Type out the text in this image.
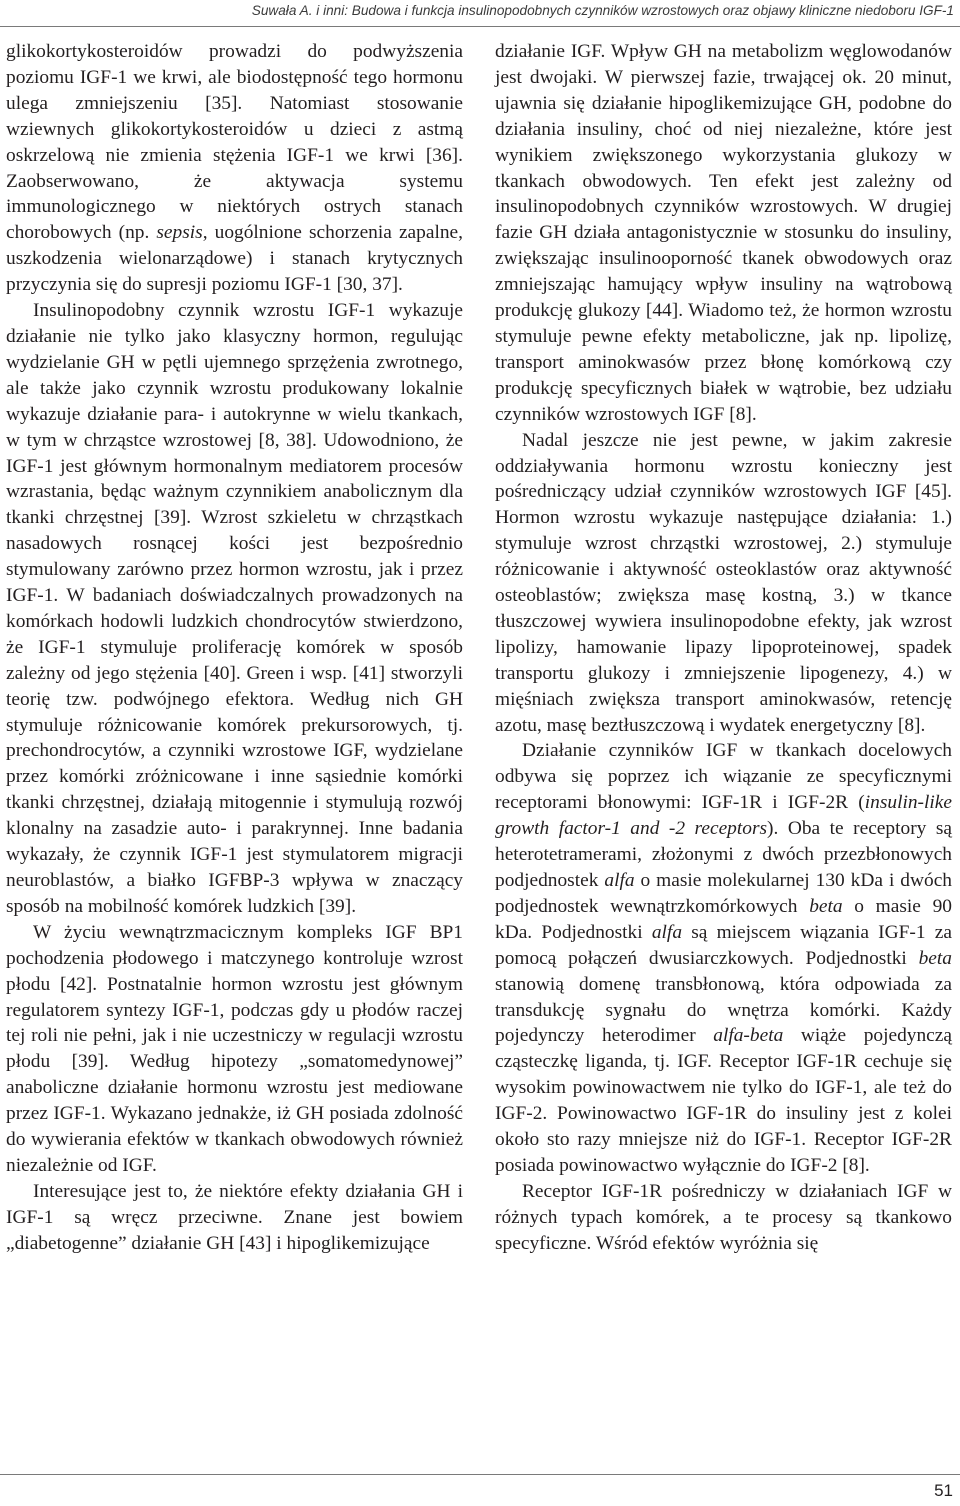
Suwała A. i inni: Budowa i funkcja insulinopodobnych czynników wzrostowych oraz objawy kliniczne niedoboru IGF-1

glikokortykosteroidów prowadzi do podwyższenia poziomu IGF-1 we krwi, ale biodostępność tego hormonu ulega zmniejszeniu [35]. Natomiast stosowanie wziewnych glikokortykosteroidów u dzieci z astmą oskrzelową nie zmienia stężenia IGF-1 we krwi [36]. Zaobserwowano, że aktywacja systemu immunologicznego w niektórych ostrych stanach chorobowych (np. sepsis, uogólnione schorzenia zapalne, uszkodzenia wielonarządowe) i stanach krytycznych przyczynia się do supresji poziomu IGF-1 [30, 37].

Insulinopodobny czynnik wzrostu IGF-1 wykazuje działanie nie tylko jako klasyczny hormon, regulując wydzielanie GH w pętli ujemnego sprzężenia zwrotnego, ale także jako czynnik wzrostu produkowany lokalnie wykazuje działanie para- i autokrynne w wielu tkankach, w tym w chrząstce wzrostowej [8, 38]. Udowodniono, że IGF-1 jest głównym hormonalnym mediatorem procesów wzrastania, będąc ważnym czynnikiem anabolicznym dla tkanki chrzęstnej [39]. Wzrost szkieletu w chrząstkach nasadowych rosnącej kości jest bezpośrednio stymulowany zarówno przez hormon wzrostu, jak i przez IGF-1. W badaniach doświadczalnych prowadzonych na komórkach hodowli ludzkich chondrocytów stwierdzono, że IGF-1 stymuluje proliferację komórek w sposób zależny od jego stężenia [40]. Green i wsp. [41] stworzyli teorię tzw. podwójnego efektora. Według nich GH stymuluje różnicowanie komórek prekursorowych, tj. prechondrocytów, a czynniki wzrostowe IGF, wydzielane przez komórki zróżnicowane i inne sąsiednie komórki tkanki chrzęstnej, działają mitogennie i stymulują rozwój klonalny na zasadzie auto- i parakrynnej. Inne badania wykazały, że czynnik IGF-1 jest stymulatorem migracji neuroblastów, a białko IGFBP-3 wpływa w znaczący sposób na mobilność komórek ludzkich [39].

W życiu wewnątrzmacicznym kompleks IGF BP1 pochodzenia płodowego i matczynego kontroluje wzrost płodu [42]. Postnatalnie hormon wzrostu jest głównym regulatorem syntezy IGF-1, podczas gdy u płodów raczej tej roli nie pełni, jak i nie uczestniczy w regulacji wzrostu płodu [39]. Według hipotezy „somatomedynowej” anaboliczne działanie hormonu wzrostu jest mediowane przez IGF-1. Wykazano jednakże, iż GH posiada zdolność do wywierania efektów w tkankach obwodowych również niezależnie od IGF.

Interesujące jest to, że niektóre efekty działania GH i IGF-1 są wręcz przeciwne. Znane jest bowiem „diabetogenne” działanie GH [43] i hipoglikemizujące

działanie IGF. Wpływ GH na metabolizm węglowodanów jest dwojaki. W pierwszej fazie, trwającej ok. 20 minut, ujawnia się działanie hipoglikemizujące GH, podobne do działania insuliny, choć od niej niezależne, które jest wynikiem zwiększonego wykorzystania glukozy w tkankach obwodowych. Ten efekt jest zależny od insulinopodobnych czynników wzrostowych. W drugiej fazie GH działa antagonistycznie w stosunku do insuliny, zwiększając insulinooporność tkanek obwodowych oraz zmniejszając hamujący wpływ insuliny na wątrobową produkcję glukozy [44]. Wiadomo też, że hormon wzrostu stymuluje pewne efekty metaboliczne, jak np. lipolizę, transport aminokwasów przez błonę komórkową czy produkcję specyficznych białek w wątrobie, bez udziału czynników wzrostowych IGF [8].

Nadal jeszcze nie jest pewne, w jakim zakresie oddziaływania hormonu wzrostu konieczny jest pośredniczący udział czynników wzrostowych IGF [45]. Hormon wzrostu wykazuje następujące działania: 1.) stymuluje wzrost chrząstki wzrostowej, 2.) stymuluje różnicowanie i aktywność osteoklastów oraz aktywność osteoblastów; zwiększa masę kostną, 3.) w tkance tłuszczowej wywiera insulinopodobne efekty, jak wzrost lipolizy, hamowanie lipazy lipoproteinowej, spadek transportu glukozy i zmniejszenie lipogenezy, 4.) w mięśniach zwiększa transport aminokwasów, retencję azotu, masę beztłuszczową i wydatek energetyczny [8].

Działanie czynników IGF w tkankach docelowych odbywa się poprzez ich wiązanie ze specyficznymi receptorami błonowymi: IGF-1R i IGF-2R (insulin-like growth factor-1 and -2 receptors). Oba te receptory są heterotetramerami, złożonymi z dwóch przezbłonowych podjednostek alfa o masie molekularnej 130 kDa i dwóch podjednostek wewnątrzkomórkowych beta o masie 90 kDa. Podjednostki alfa są miejscem wiązania IGF-1 za pomocą połączeń dwusiarczkowych. Podjednostki beta stanowią domenę transbłonową, która odpowiada za transdukcję sygnału do wnętrza komórki. Każdy pojedynczy heterodimer alfa-beta wiąże pojedynczą cząsteczkę liganda, tj. IGF. Receptor IGF-1R cechuje się wysokim powinowactwem nie tylko do IGF-1, ale też do IGF-2. Powinowactwo IGF-1R do insuliny jest z kolei około sto razy mniejsze niż do IGF-1. Receptor IGF-2R posiada powinowactwo wyłącznie do IGF-2 [8].

Receptor IGF-1R pośredniczy w działaniach IGF w różnych typach komórek, a te procesy są tkankowo specyficzne. Wśród efektów wyróżnia się

51
